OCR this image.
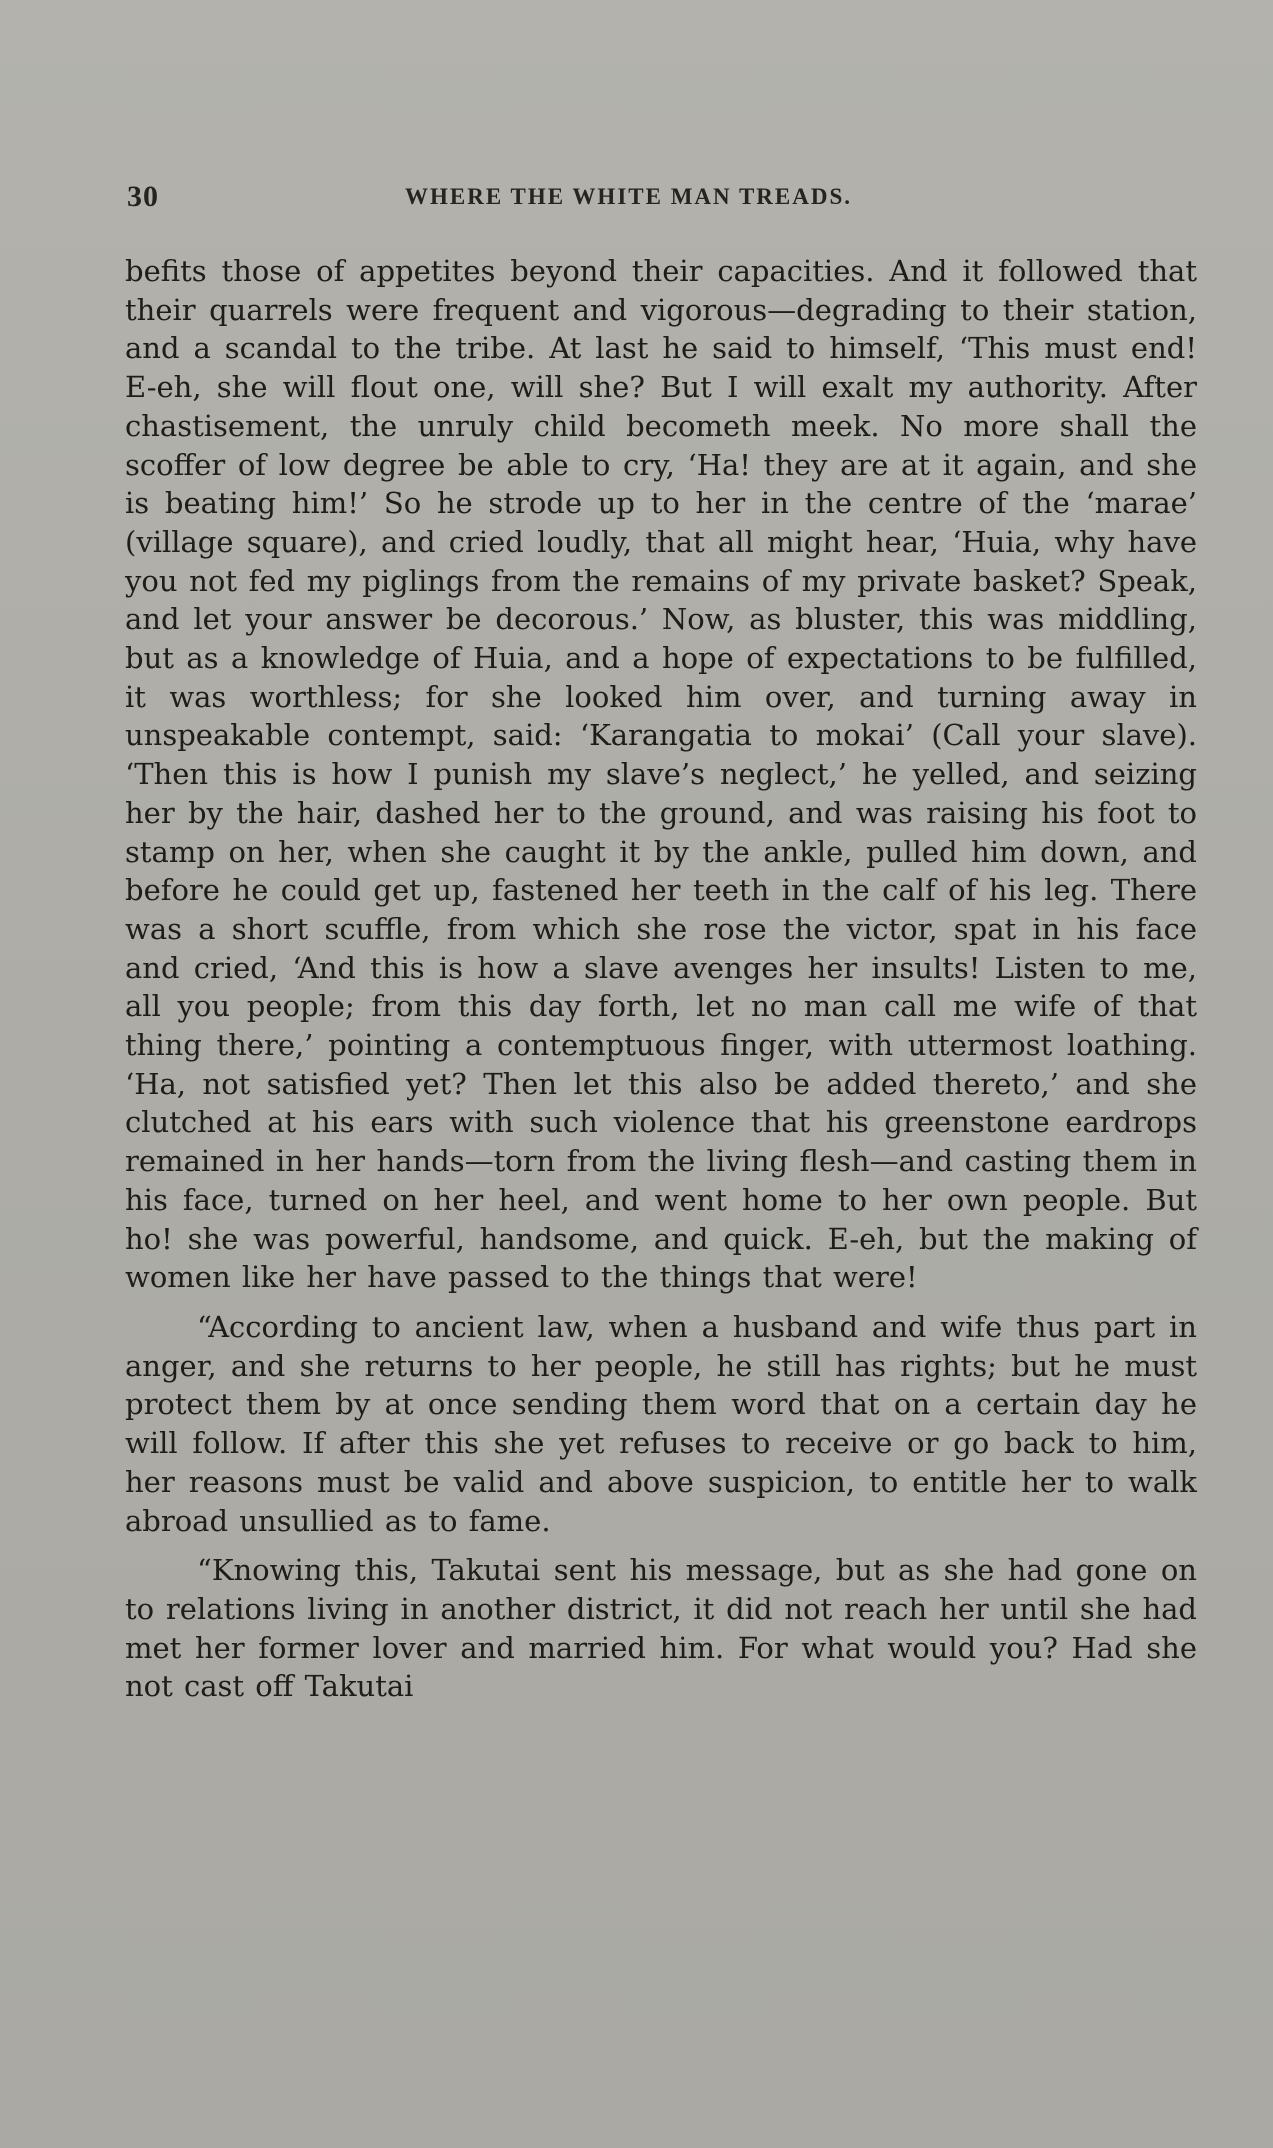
30	WHERE THE WHITE MAN TREADS.

befits those of appetites beyond their capacities. And it followed that their quarrels were frequent and vigorous—degrading to their station, and a scandal to the tribe. At last he said to himself, ‘This must end! E-eh, she will flout one, will she? But I will exalt my authority. After chastisement, the unruly child becometh meek. No more shall the scoffer of low degree be able to cry, ‘Ha! they are at it again, and she is beating him!’ So he strode up to her in the centre of the ‘marae’ (village square), and cried loudly, that all might hear, ‘Huia, why have you not fed my piglings from the remains of my private basket? Speak, and let your answer be decorous.’ Now, as bluster, this was middling, but as a knowledge of Huia, and a hope of expectations to be fulfilled, it was worthless; for she looked him over, and turning away in unspeakable contempt, said: ‘Karangatia to mokai’ (Call your slave). ‘Then this is how I punish my slave’s neglect,’ he yelled, and seizing her by the hair, dashed her to the ground, and was raising his foot to stamp on her, when she caught it by the ankle, pulled him down, and before he could get up, fastened her teeth in the calf of his leg. There was a short scuffle, from which she rose the victor, spat in his face and cried, ‘And this is how a slave avenges her insults! Listen to me, all you people; from this day forth, let no man call me wife of that thing there,’ pointing a contemptuous finger, with uttermost loathing. ‘Ha, not satisfied yet? Then let this also be added thereto,’ and she clutched at his ears with such violence that his greenstone eardrops remained in her hands—torn from the living flesh—and casting them in his face, turned on her heel, and went home to her own people. But ho! she was powerful, handsome, and quick. E-eh, but the making of women like her have passed to the things that were!

“According to ancient law, when a husband and wife thus part in anger, and she returns to her people, he still has rights; but he must protect them by at once sending them word that on a certain day he will follow. If after this she yet refuses to receive or go back to him, her reasons must be valid and above suspicion, to entitle her to walk abroad unsullied as to fame.

“Knowing this, Takutai sent his message, but as she had gone on to relations living in another district, it did not reach her until she had met her former lover and married him. For what would you? Had she not cast off Takutai
